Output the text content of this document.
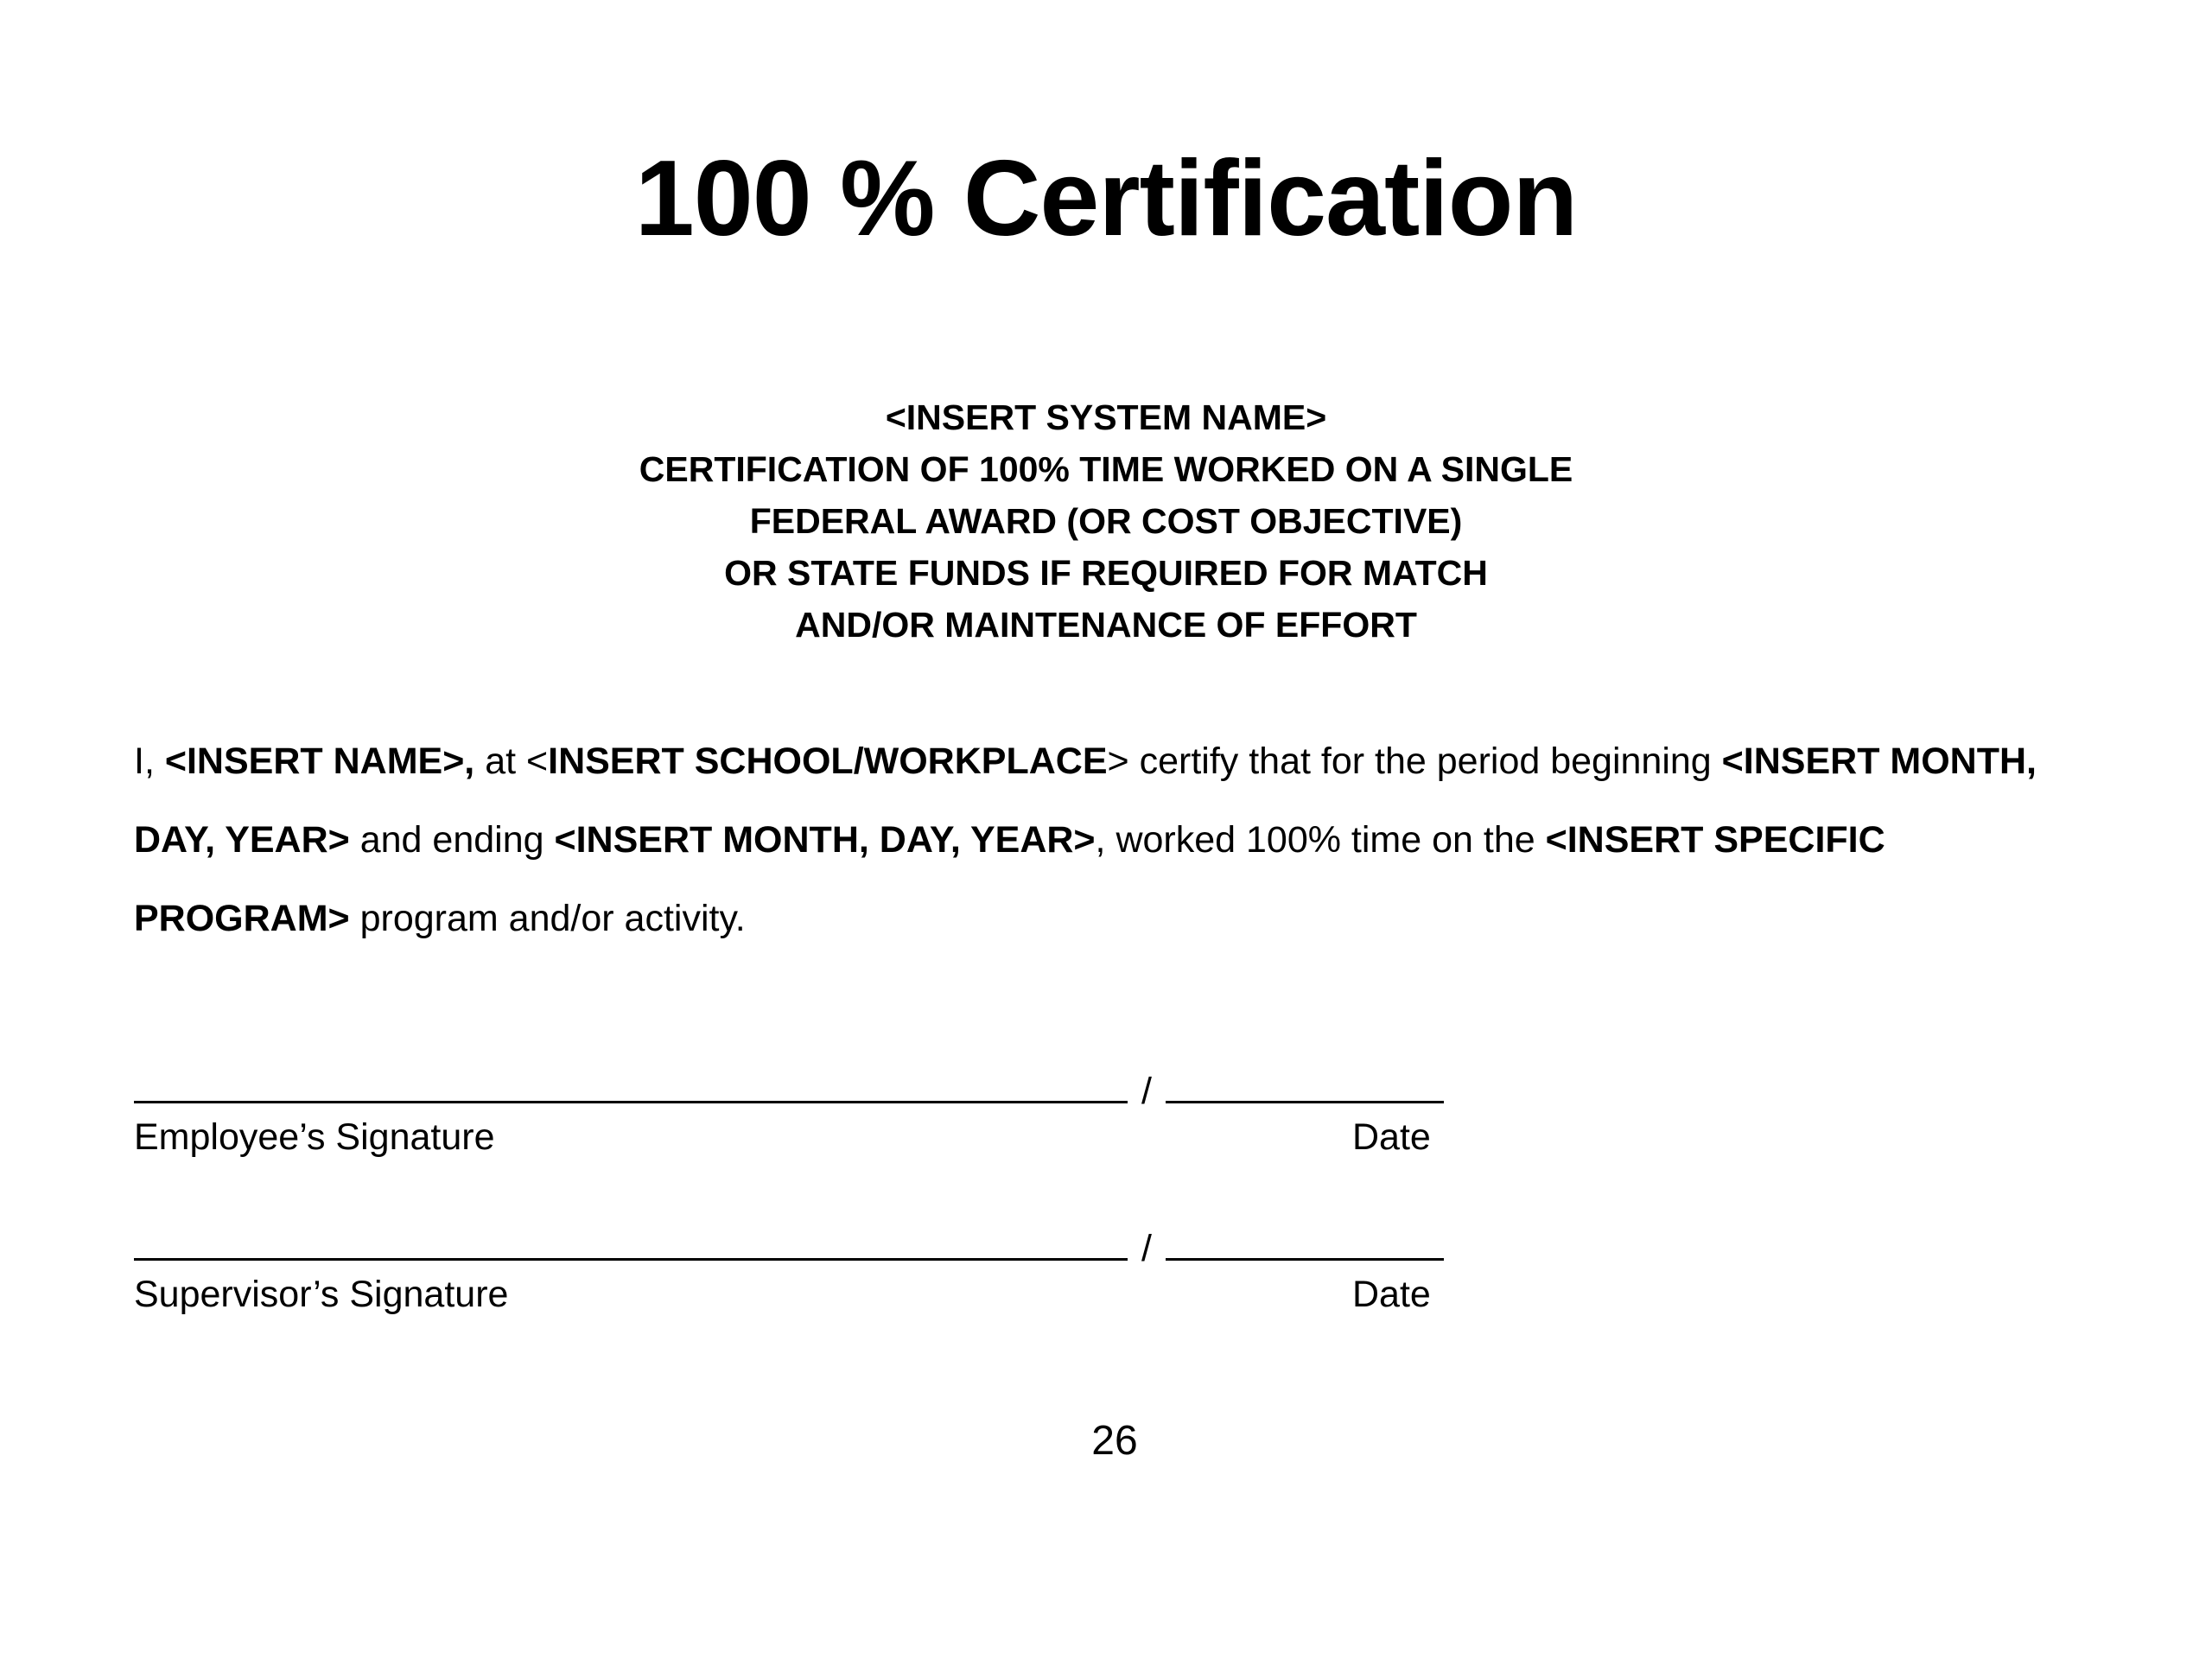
100 % Certification
<INSERT SYSTEM NAME>
CERTIFICATION OF 100% TIME WORKED ON A SINGLE
FEDERAL AWARD (OR COST OBJECTIVE)
OR STATE FUNDS IF REQUIRED FOR MATCH
AND/OR MAINTENANCE OF EFFORT
I, <INSERT NAME>, at <INSERT SCHOOL/WORKPLACE> certify that for the period beginning <INSERT MONTH,
DAY, YEAR> and ending <INSERT MONTH, DAY, YEAR>, worked 100% time on the <INSERT SPECIFIC
PROGRAM> program and/or activity.
/
Employee’s Signature	Date
/
Supervisor’s Signature	Date
26
